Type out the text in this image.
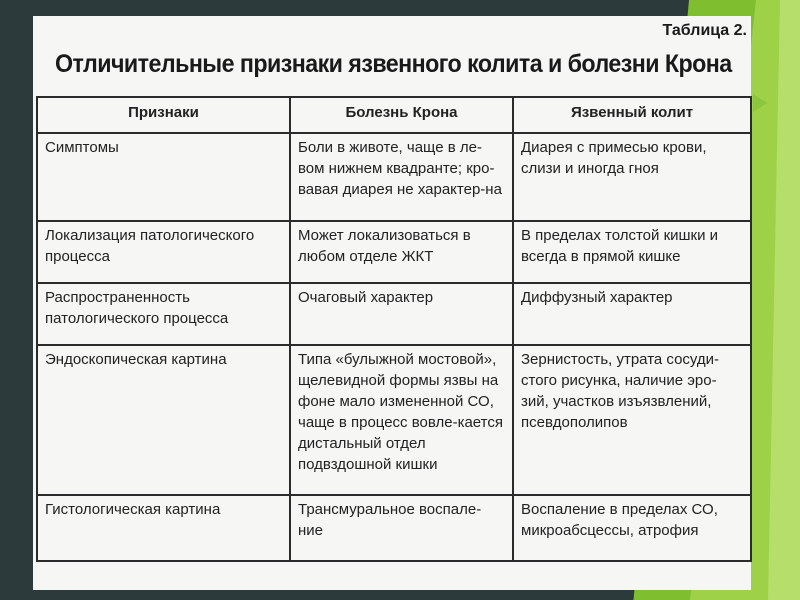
Таблица 2.
Отличительные признаки язвенного колита и болезни Крона
Признаки	Болезнь Крона	Язвенный колит
Симптомы	Боли в животе, чаще в ле-вом нижнем квадранте; кро-вавая диарея не характер-на	Диарея с примесью крови, слизи и иногда гноя
Локализация патологического процесса	Может локализоваться в любом отделе ЖКТ	В пределах толстой кишки и всегда в прямой кишке
Распространенность патологического процесса	Очаговый характер	Диффузный характер
Эндоскопическая картина	Типа «булыжной мостовой», щелевидной формы язвы на фоне мало измененной СО, чаще в процесс вовле-кается дистальный отдел подвздошной кишки	Зернистость, утрата сосуди-стого рисунка, наличие эро-зий, участков изъязвлений, псевдополипов
Гистологическая картина	Трансмуральное воспале-ние	Воспаление в пределах СО, микроабсцессы, атрофия
